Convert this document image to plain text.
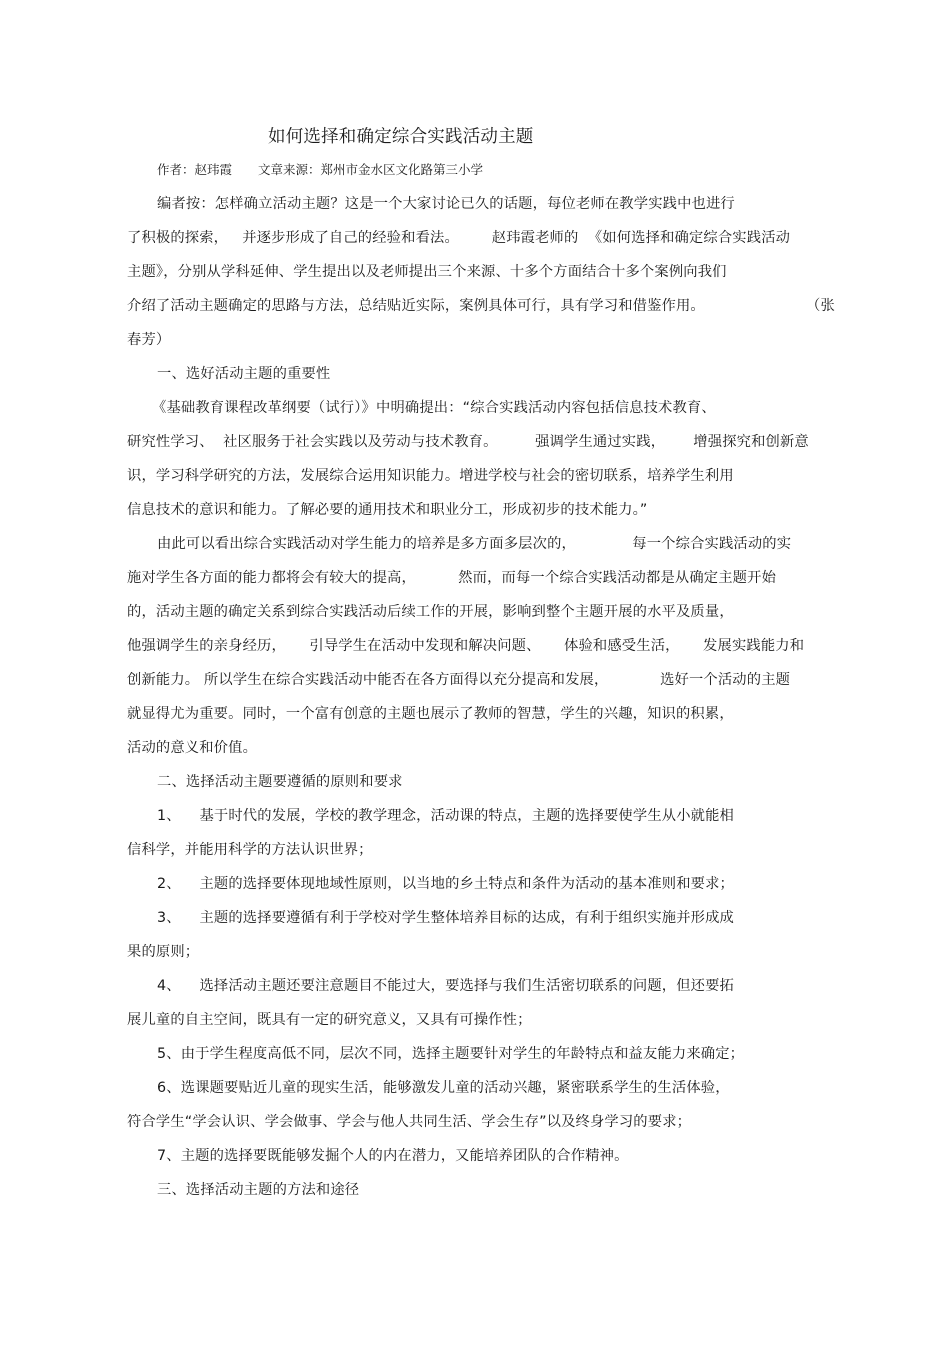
如何选择和确定综合实践活动主题
作者：赵玮霞 文章来源：郑州市金水区文化路第三小学
编者按：怎样确立活动主题？这是一个大家讨论已久的话题，每位老师在教学实践中也进行
了积极的探索，   并逐步形成了自己的经验和看法。       赵玮霞老师的  《如何选择和确定综合实践活动
主题》，分别从学科延伸、学生提出以及老师提出三个来源、十多个方面结合十多个案例向我们
介绍了活动主题确定的思路与方法，总结贴近实际，案例具体可行，具有学习和借鉴作用。	（张
春芳）
一、选好活动主题的重要性
《基础教育课程改革纲要（试行）》中明确提出：“综合实践活动内容包括信息技术教育、
研究性学习、  社区服务于社会实践以及劳动与技术教育。        强调学生通过实践，      增强探究和创新意
识，学习科学研究的方法，发展综合运用知识能力。增进学校与社会的密切联系，培养学生利用
信息技术的意识和能力。了解必要的通用技术和职业分工，形成初步的技术能力。”
由此可以看出综合实践活动对学生能力的培养是多方面多层次的，            每一个综合实践活动的实
施对学生各方面的能力都将会有较大的提高，         然而，而每一个综合实践活动都是从确定主题开始
的，活动主题的确定关系到综合实践活动后续工作的开展，影响到整个主题开展的水平及质量，
他强调学生的亲身经历，     引导学生在活动中发现和解决问题、     体验和感受生活，     发展实践能力和
创新能力。 所以学生在综合实践活动中能否在各方面得以充分提高和发展，           选好一个活动的主题
就显得尤为重要。同时，一个富有创意的主题也展示了教师的智慧，学生的兴趣，知识的积累，
活动的意义和价值。
二、选择活动主题要遵循的原则和要求
1、    基于时代的发展，学校的教学理念，活动课的特点，主题的选择要使学生从小就能相
信科学，并能用科学的方法认识世界；
2、    主题的选择要体现地域性原则，以当地的乡土特点和条件为活动的基本准则和要求；
3、    主题的选择要遵循有利于学校对学生整体培养目标的达成，有利于组织实施并形成成
果的原则；
4、    选择活动主题还要注意题目不能过大，要选择与我们生活密切联系的问题，但还要拓
展儿童的自主空间，既具有一定的研究意义，又具有可操作性；
5、由于学生程度高低不同，层次不同，选择主题要针对学生的年龄特点和益友能力来确定；
6、选课题要贴近儿童的现实生活，能够激发儿童的活动兴趣，紧密联系学生的生活体验，
符合学生“学会认识、学会做事、学会与他人共同生活、学会生存”以及终身学习的要求；
7、主题的选择要既能够发掘个人的内在潜力，又能培养团队的合作精神。
三、选择活动主题的方法和途径
